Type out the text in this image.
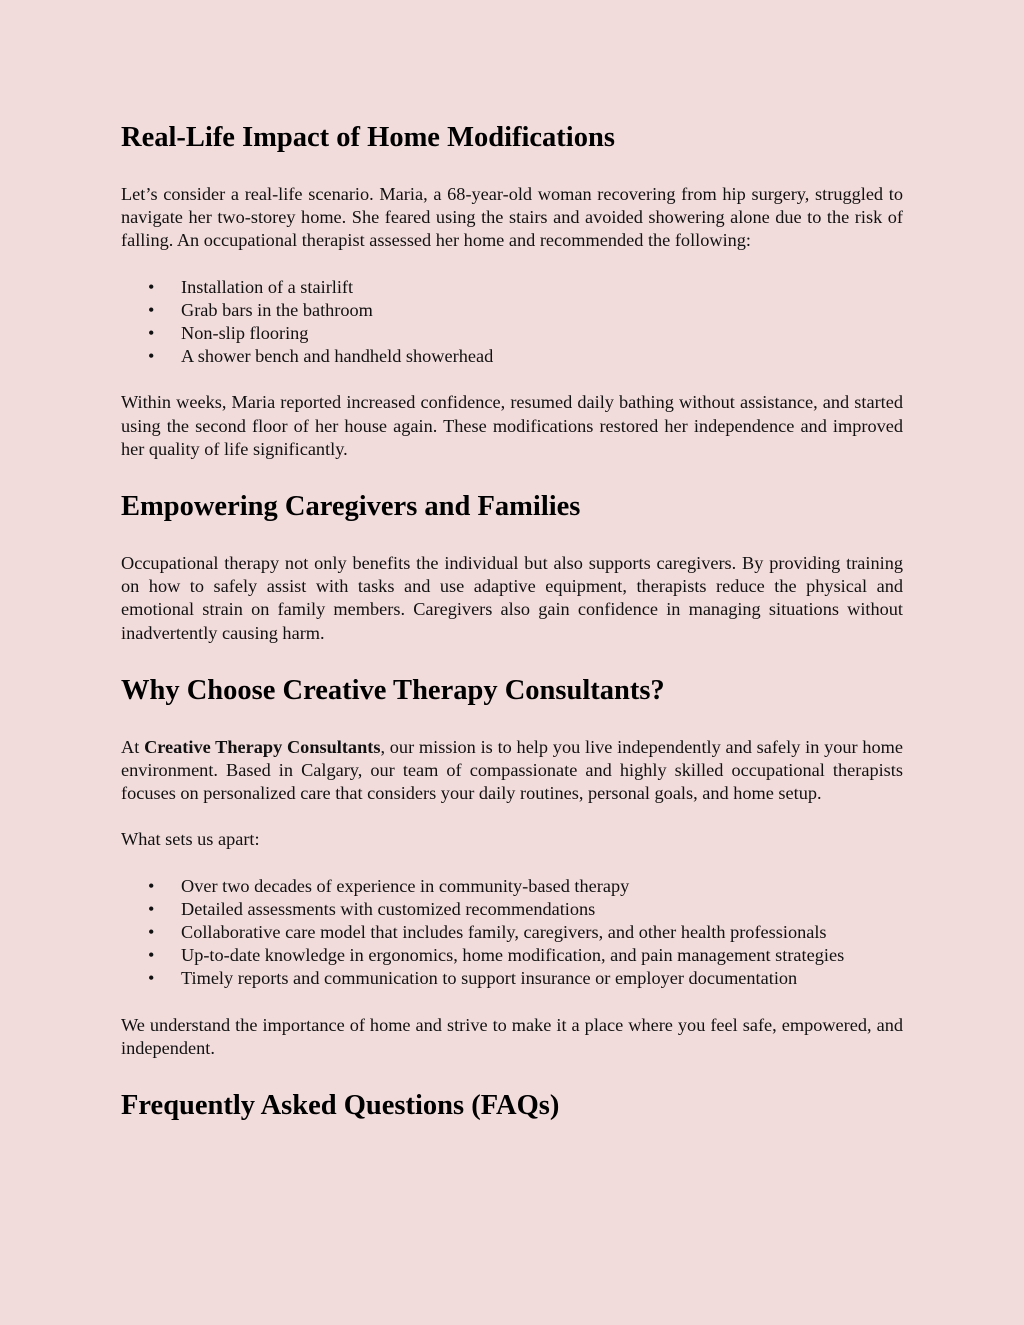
Real-Life Impact of Home Modifications

Let’s consider a real-life scenario. Maria, a 68-year-old woman recovering from hip surgery, struggled to navigate her two-storey home. She feared using the stairs and avoided showering alone due to the risk of falling. An occupational therapist assessed her home and recommended the following:

• Installation of a stairlift
• Grab bars in the bathroom
• Non-slip flooring
• A shower bench and handheld showerhead

Within weeks, Maria reported increased confidence, resumed daily bathing without assistance, and started using the second floor of her house again. These modifications restored her independence and improved her quality of life significantly.

Empowering Caregivers and Families

Occupational therapy not only benefits the individual but also supports caregivers. By providing training on how to safely assist with tasks and use adaptive equipment, therapists reduce the physical and emotional strain on family members. Caregivers also gain confidence in managing situations without inadvertently causing harm.

Why Choose Creative Therapy Consultants?

At Creative Therapy Consultants, our mission is to help you live independently and safely in your home environment. Based in Calgary, our team of compassionate and highly skilled occupational therapists focuses on personalized care that considers your daily routines, personal goals, and home setup.

What sets us apart:

• Over two decades of experience in community-based therapy
• Detailed assessments with customized recommendations
• Collaborative care model that includes family, caregivers, and other health professionals
• Up-to-date knowledge in ergonomics, home modification, and pain management strategies
• Timely reports and communication to support insurance or employer documentation

We understand the importance of home and strive to make it a place where you feel safe, empowered, and independent.

Frequently Asked Questions (FAQs)
